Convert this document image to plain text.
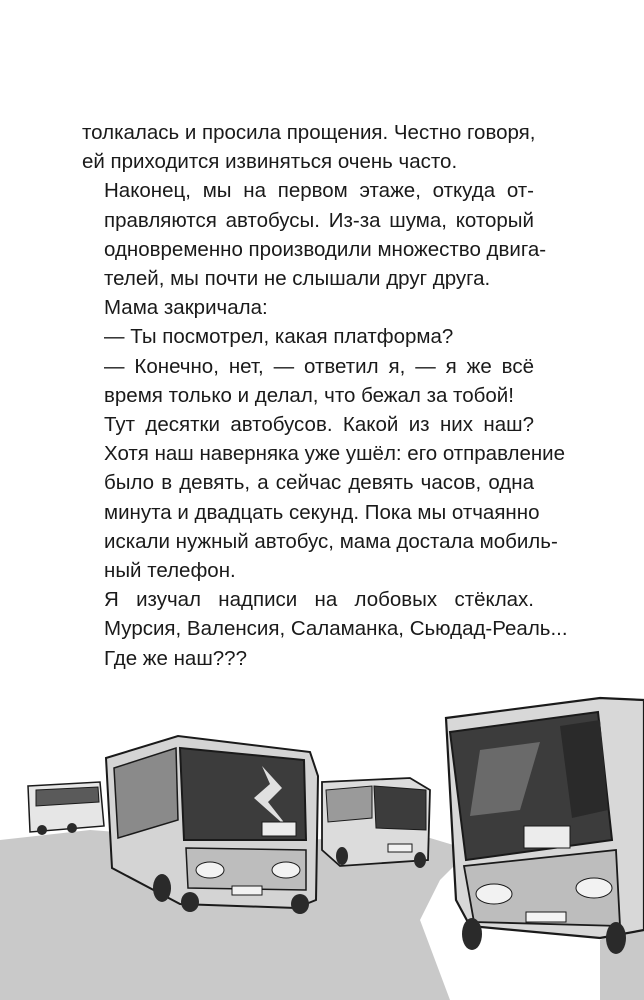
толкалась и просила прощения. Честно говоря,
ей приходится извиняться очень часто.

Наконец, мы на первом этаже, откуда от-
правляются автобусы. Из-за шума, который
одновременно производили множество двига-
телей, мы почти не слышали друг друга.

Мама закричала:

— Ты посмотрел, какая платформа?

— Конечно, нет, — ответил я, — я же всё
время только и делал, что бежал за тобой!

Тут десятки автобусов. Какой из них наш?
Хотя наш наверняка уже ушёл: его отправление
было в девять, а сейчас девять часов, одна
минута и двадцать секунд. Пока мы отчаянно
искали нужный автобус, мама достала мобиль-
ный телефон.

Я изучал надписи на лобовых стёклах.
Мурсия, Валенсия, Саламанка, Сьюдад-Реаль...
Где же наш???
